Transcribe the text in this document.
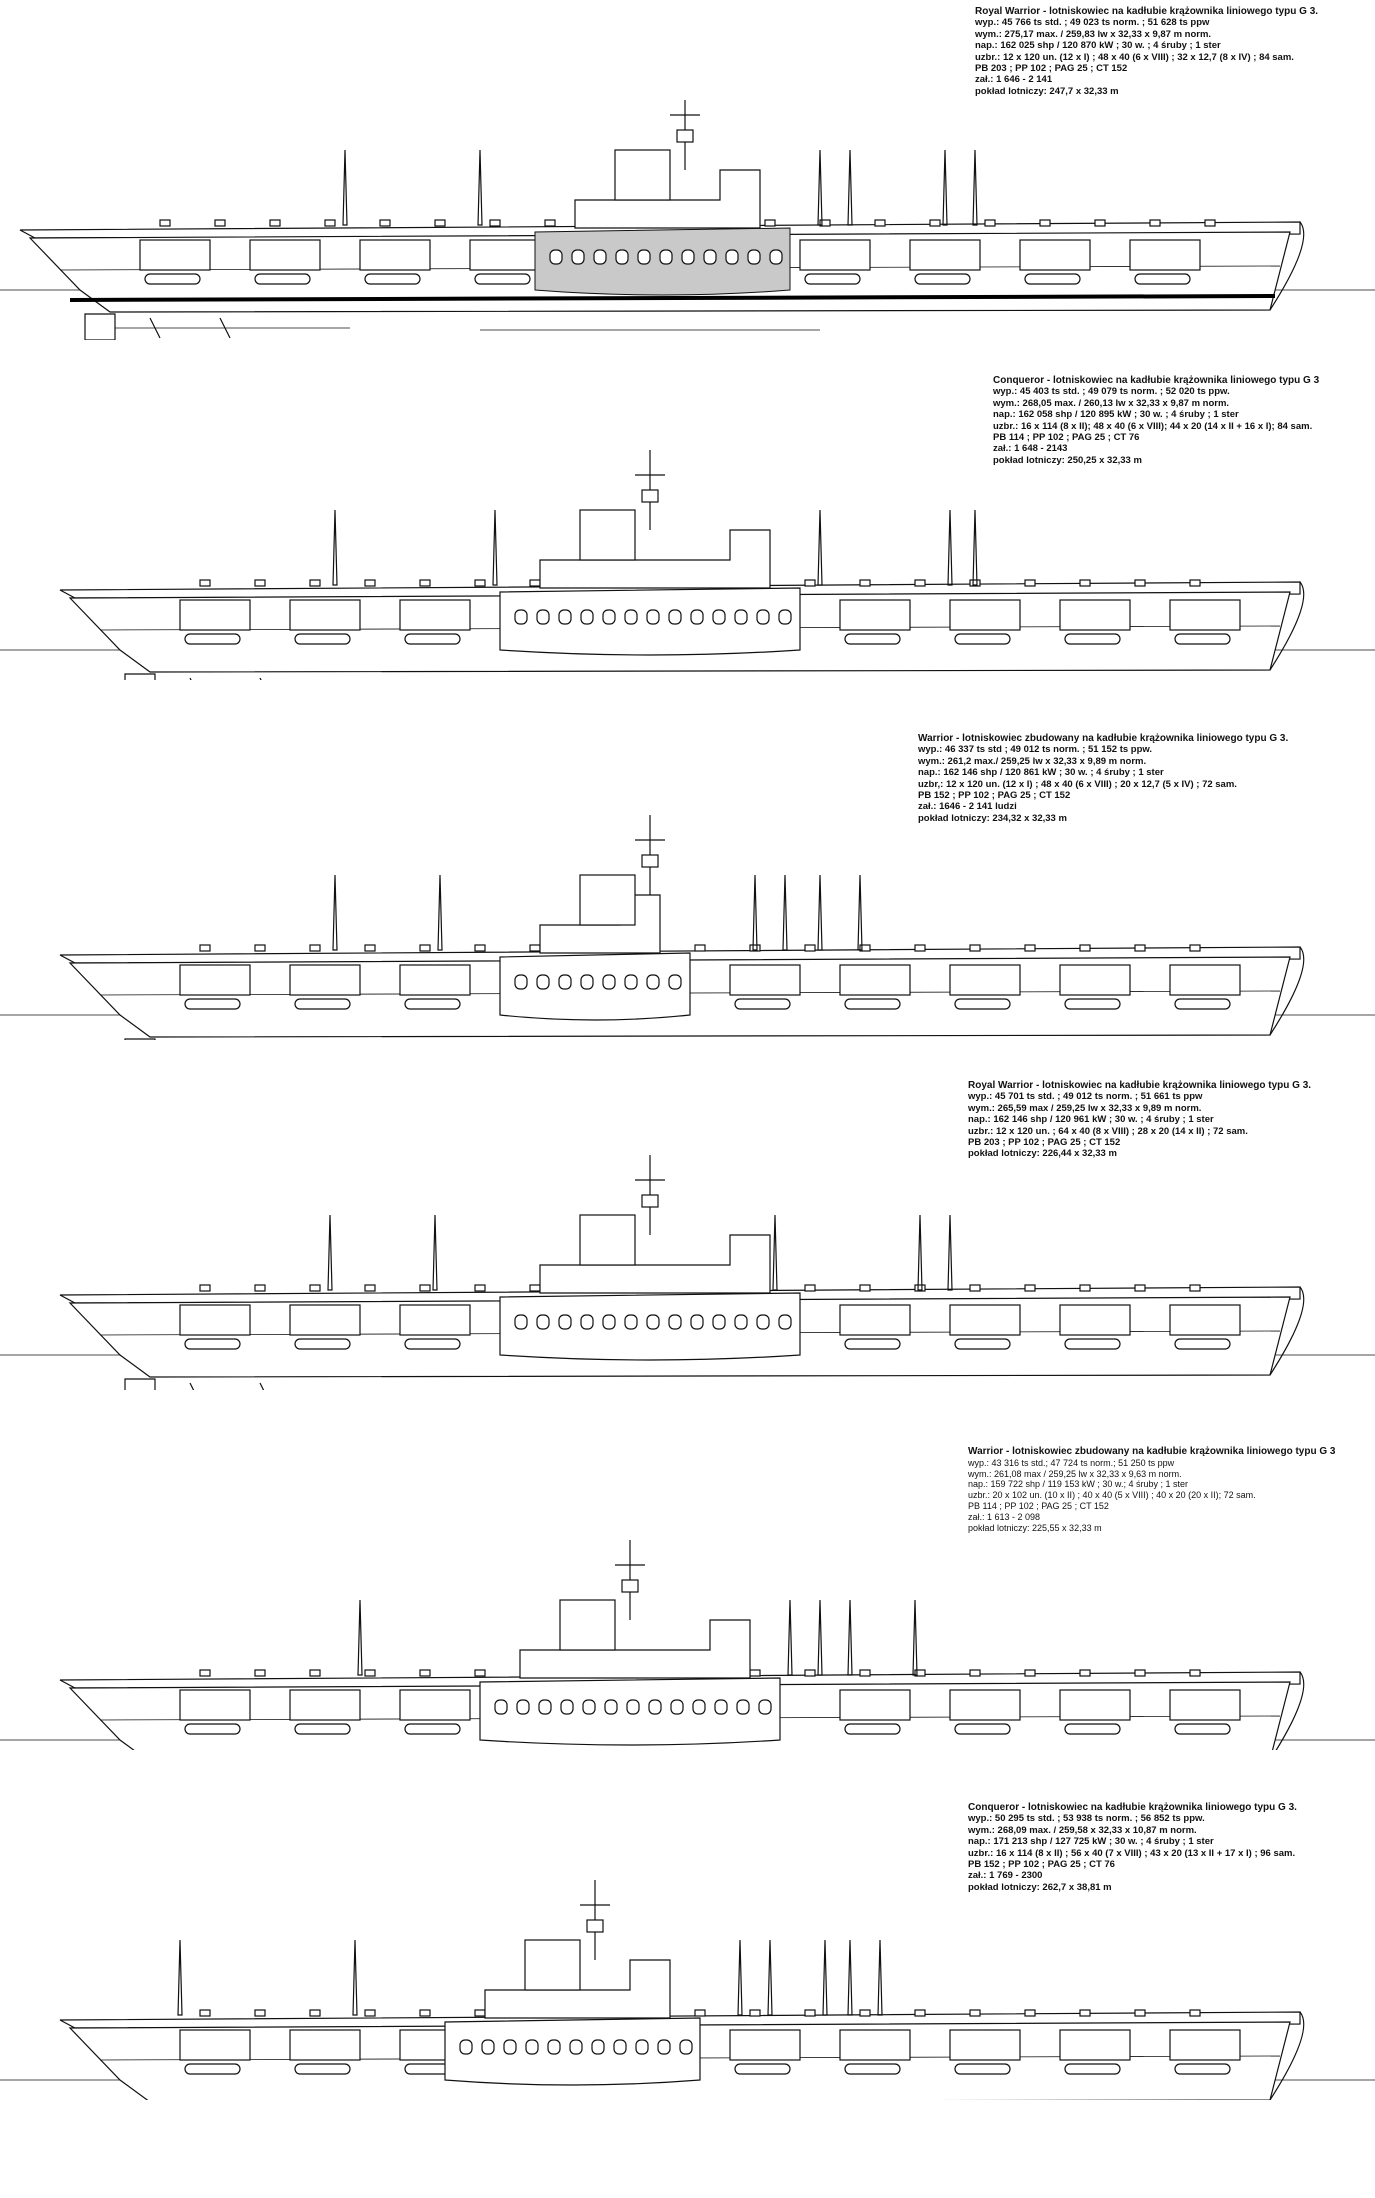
Royal Warrior - lotniskowiec na kadłubie krążownika liniowego typu G 3.
wyp.: 45 766 ts std. ; 49 023 ts norm. ; 51 628 ts ppw
wym.: 275,17 max. / 259,83 lw x 32,33 x 9,87 m norm.
nap.: 162 025 shp / 120 870 kW ; 30 w. ; 4 śruby ; 1 ster
uzbr.: 12 x 120 un. (12 x I) ; 48 x 40 (6 x VIII) ; 32 x 12,7 (8 x IV) ; 84 sam.
PB 203 ; PP 102 ; PAG 25 ; CT 152
zał.: 1 646 - 2 141
pokład lotniczy: 247,7 x 32,33 m
Conqueror - lotniskowiec na kadłubie krążownika liniowego typu G 3
wyp.: 45 403 ts std. ; 49 079 ts norm. ; 52 020 ts ppw.
wym.: 268,05 max. / 260,13 lw x 32,33 x 9,87 m norm.
nap.: 162 058 shp / 120 895 kW ; 30 w. ; 4 śruby ; 1 ster
uzbr.: 16 x 114 (8 x II); 48 x 40 (6 x VIII); 44 x 20 (14 x II + 16 x I); 84 sam.
PB 114 ; PP 102 ; PAG 25 ; CT 76
zał.: 1 648 - 2143
pokład lotniczy: 250,25 x 32,33 m
Warrior - lotniskowiec zbudowany na kadłubie krążownika liniowego typu G 3.
wyp.: 46 337 ts std ; 49 012 ts norm. ; 51 152 ts ppw.
wym.: 261,2 max./ 259,25 lw x 32,33 x 9,89 m norm.
nap.: 162 146 shp / 120 861 kW ; 30 w. ; 4 śruby ; 1 ster
uzbr,: 12 x 120 un. (12 x I) ; 48 x 40 (6 x VIII) ; 20 x 12,7 (5 x IV) ; 72 sam.
PB 152 ; PP 102 ; PAG 25 ; CT 152
zał.: 1646 - 2 141 ludzi
pokład lotniczy: 234,32 x 32,33 m
Royal Warrior - lotniskowiec na kadłubie krążownika liniowego typu G 3.
wyp.: 45 701 ts std. ; 49 012 ts norm. ; 51 661 ts ppw
wym.: 265,59 max / 259,25 lw x 32,33 x 9,89 m norm.
nap.: 162 146 shp / 120 961 kW ; 30 w. ; 4 śruby ; 1 ster
uzbr.: 12 x 120 un. ; 64 x 40 (8 x VIII) ; 28 x 20 (14 x II) ; 72 sam.
PB 203 ; PP 102 ; PAG 25 ; CT 152
pokład lotniczy: 226,44 x 32,33 m
Warrior - lotniskowiec zbudowany na kadłubie krążownika liniowego typu G 3
wyp.: 43 316 ts std.; 47 724 ts norm.; 51 250 ts ppw
wym.: 261,08 max / 259,25 lw x 32,33 x 9,63 m norm.
nap.: 159 722 shp / 119 153 kW ; 30 w.; 4 śruby ; 1 ster
uzbr.: 20 x 102 un. (10 x II) ; 40 x 40 (5 x VIII) ; 40 x 20 (20 x II); 72 sam.
PB 114 ; PP 102 ; PAG 25 ; CT 152
zał.: 1 613 - 2 098
pokład lotniczy: 225,55 x 32,33 m
Conqueror - lotniskowiec na kadłubie krążownika liniowego typu G 3.
wyp.: 50 295 ts std. ; 53 938 ts norm. ; 56 852 ts ppw.
wym.: 268,09 max. / 259,58 x 32,33 x 10,87 m norm.
nap.: 171 213 shp / 127 725 kW ; 30 w. ; 4 śruby ; 1 ster
uzbr.: 16 x 114 (8 x II) ; 56 x 40 (7 x VIII) ; 43 x 20 (13 x II + 17 x I) ; 96 sam.
PB 152 ; PP 102 ; PAG 25 ; CT 76
zał.: 1 769 - 2300
pokład lotniczy: 262,7 x 38,81 m
